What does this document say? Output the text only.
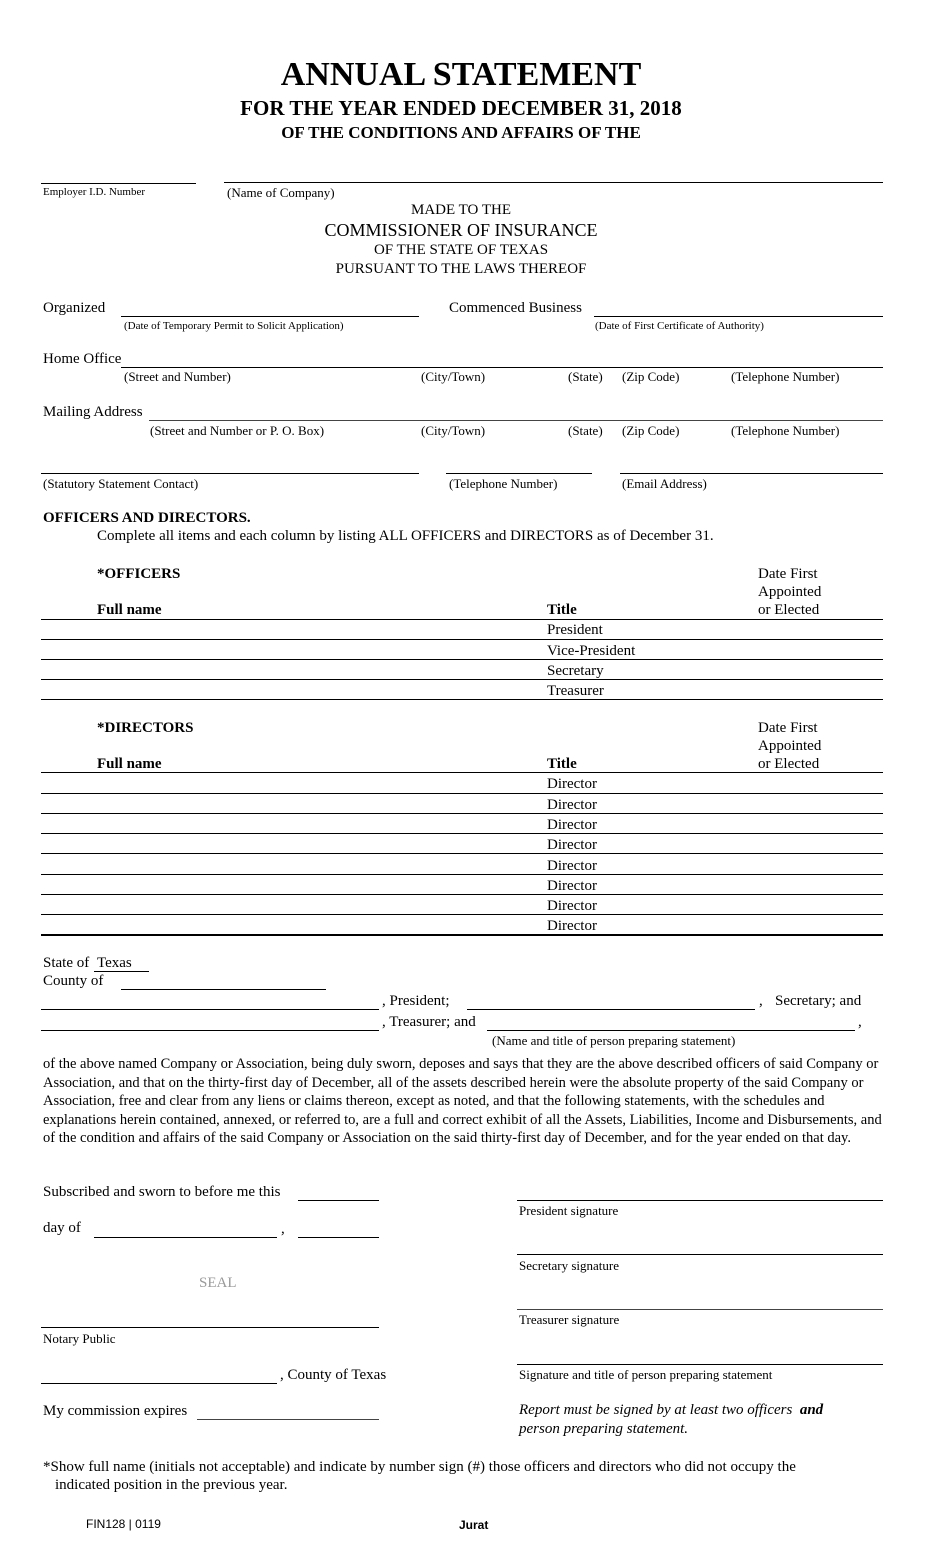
ANNUAL STATEMENT
FOR THE YEAR ENDED DECEMBER 31, 2018
OF THE CONDITIONS AND AFFAIRS OF THE
Employer I.D. Number	(Name of Company)
MADE TO THE
COMMISSIONER OF INSURANCE
OF THE STATE OF TEXAS
PURSUANT TO THE LAWS THEREOF
Organized
(Date of Temporary Permit to Solicit Application)
Commenced Business
(Date of First Certificate of Authority)
Home Office
(Street and Number)	(City/Town)	(State) (Zip Code)	(Telephone Number)
Mailing Address
(Street and Number or P. O. Box)	(City/Town)	(State) (Zip Code)	(Telephone Number)
(Statutory Statement Contact)	(Telephone Number)	(Email Address)
OFFICERS AND DIRECTORS.
Complete all items and each column by listing ALL OFFICERS and DIRECTORS as of December 31.
*OFFICERS	Date First
Appointed
or Elected
Full name	Title
President
Vice-President
Secretary
Treasurer
*DIRECTORS	Date First
Appointed
or Elected
Full name	Title
Director
Director
Director
Director
Director
Director
Director
Director
State of Texas
County of
, President;	, Secretary; and
, Treasurer; and	,
(Name and title of person preparing statement)
of the above named Company or Association, being duly sworn, deposes and says that they are the above described officers of said Company or Association, and that on the thirty-first day of December, all of the assets described herein were the absolute property of the said Company or Association, free and clear from any liens or claims thereon, except as noted, and that the following statements, with the schedules and explanations herein contained, annexed, or referred to, are a full and correct exhibit of all the Assets, Liabilities, Income and Disbursements, and of the condition and affairs of the said Company or Association on the said thirty-first day of December, and for the year ended on that day.
Subscribed and sworn to before me this
day of	,
SEAL
Notary Public
, County of Texas
My commission expires
President signature
Secretary signature
Treasurer signature
Signature and title of person preparing statement
Report must be signed by at least two officers and
person preparing statement.
*Show full name (initials not acceptable) and indicate by number sign (#) those officers and directors who did not occupy the
indicated position in the previous year.
FIN128 | 0119	Jurat
